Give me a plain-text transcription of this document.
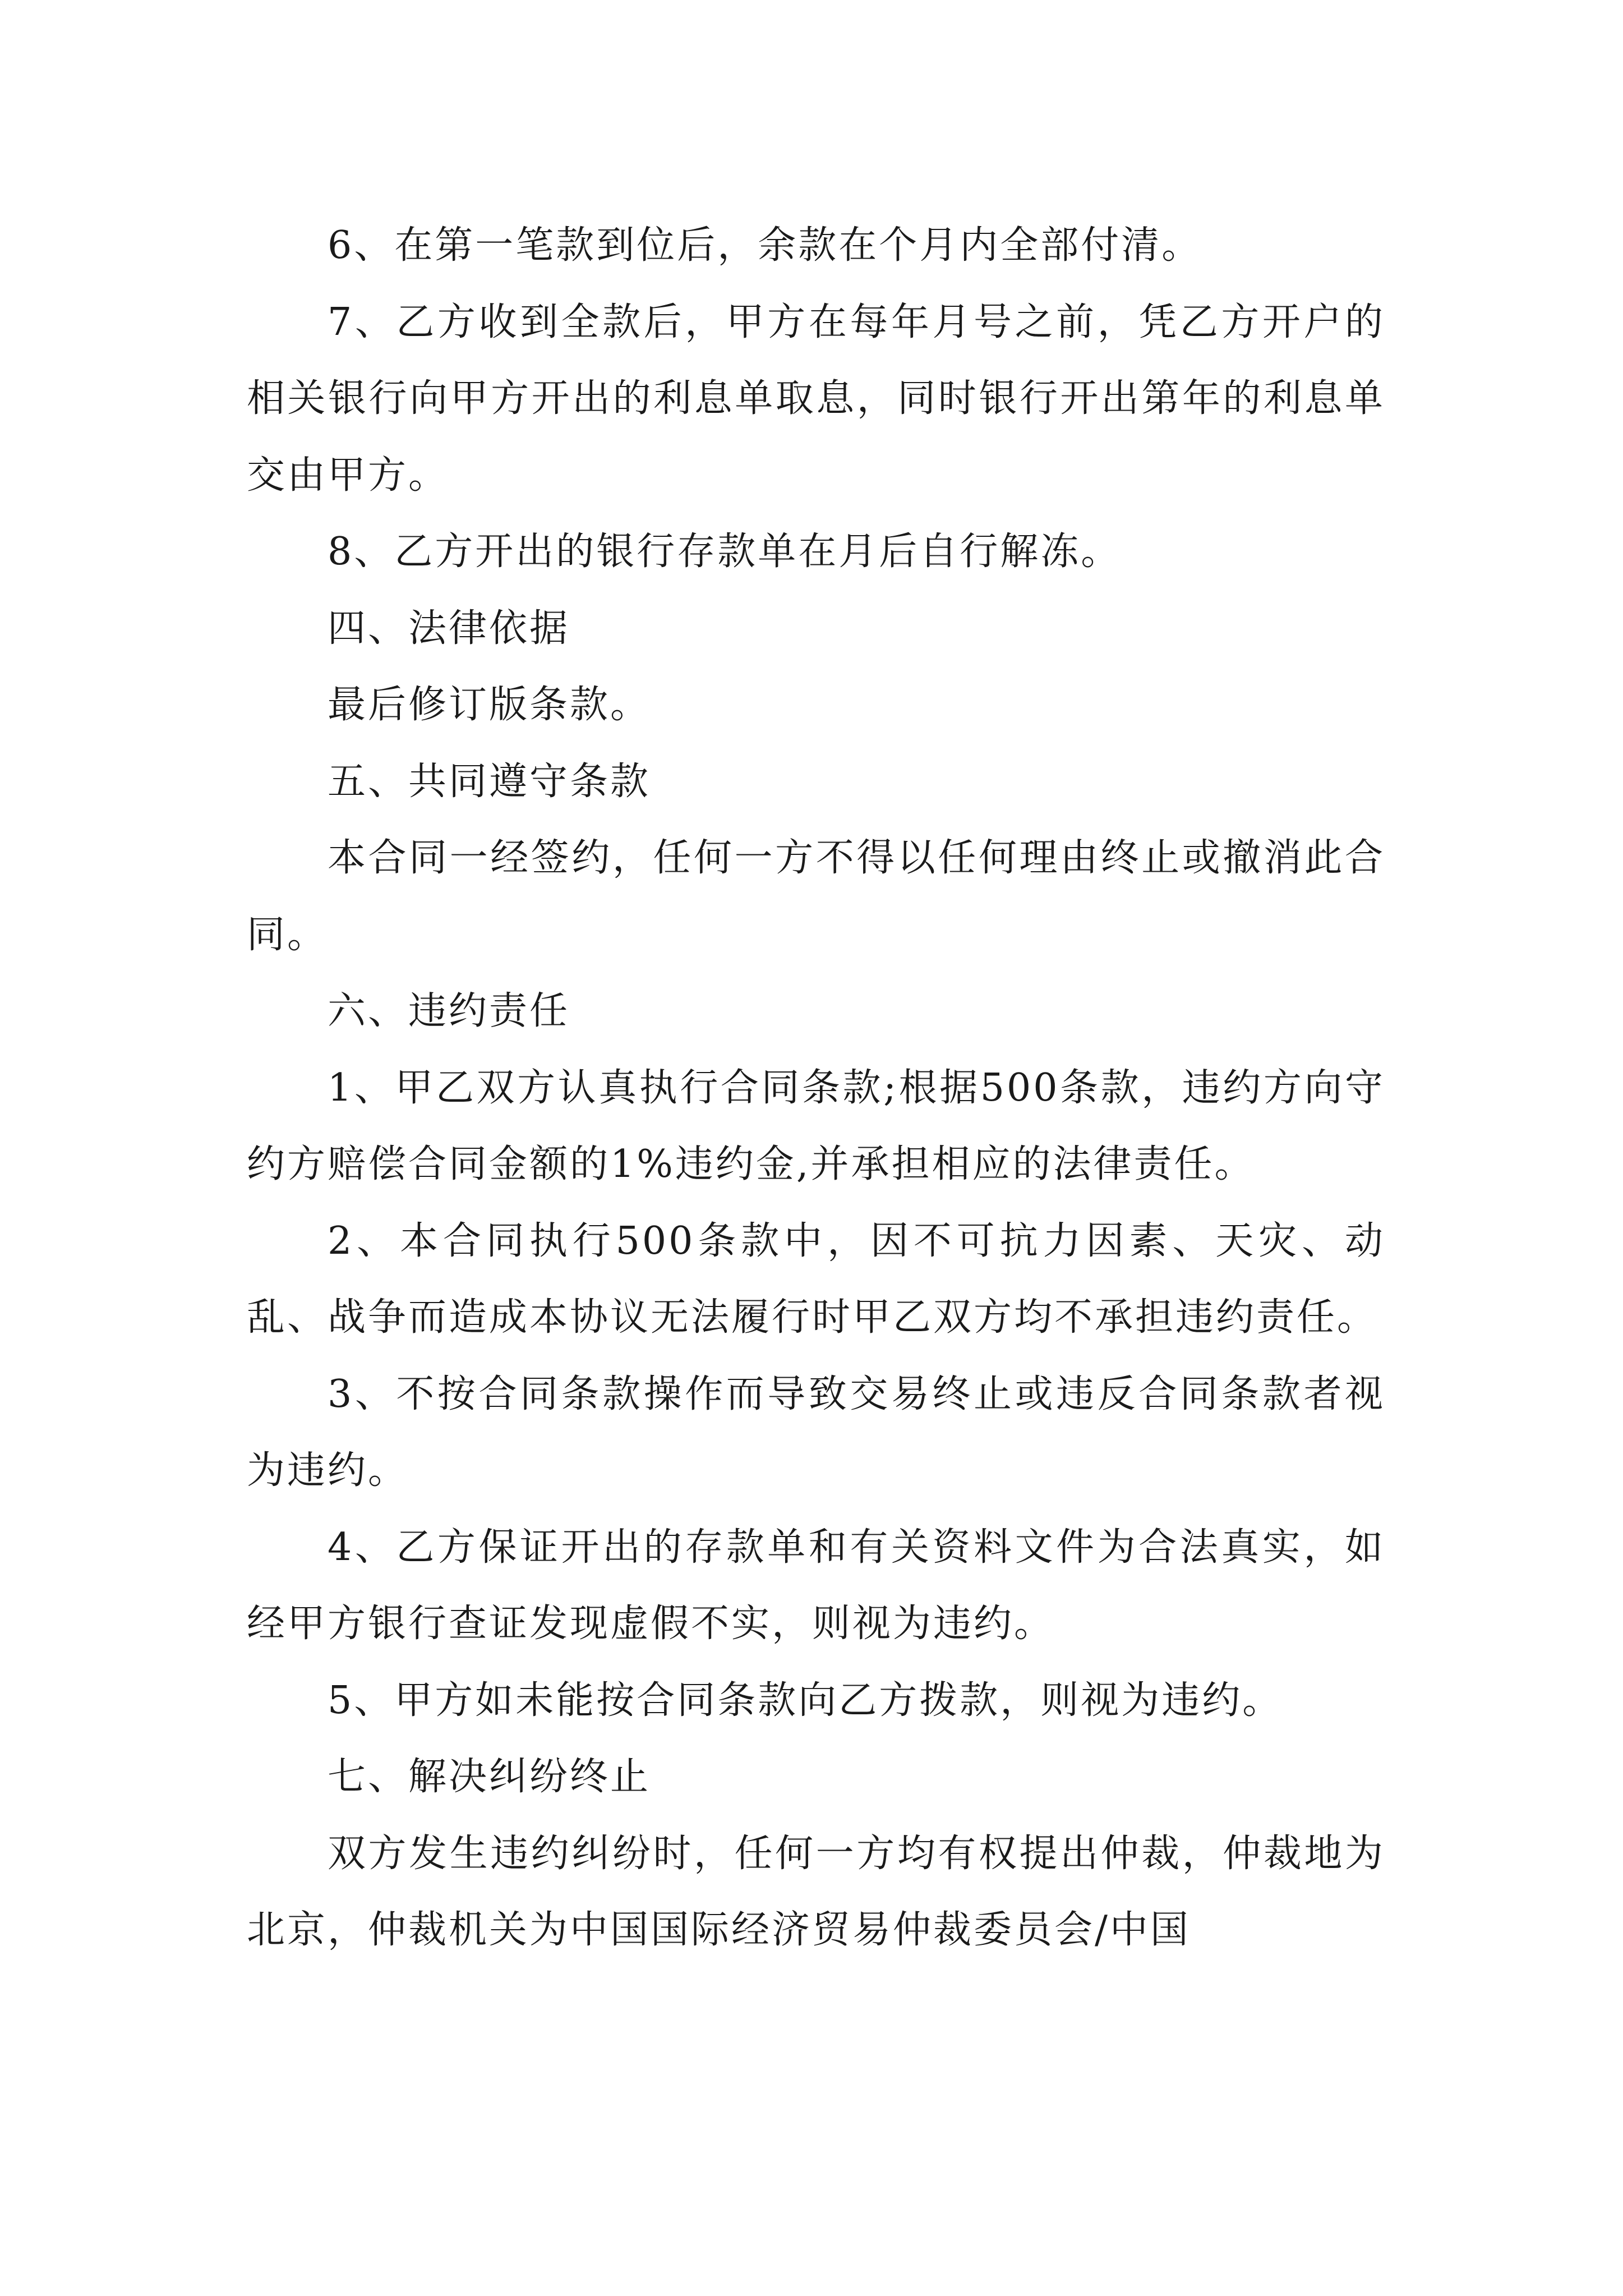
6、在第一笔款到位后，余款在个月内全部付清。

7、乙方收到全款后，甲方在每年月号之前，凭乙方开户的相关银行向甲方开出的利息单取息，同时银行开出第年的利息单交由甲方。

8、乙方开出的银行存款单在月后自行解冻。

四、法律依据

最后修订版条款。

五、共同遵守条款

本合同一经签约，任何一方不得以任何理由终止或撤消此合同。

六、违约责任

1、甲乙双方认真执行合同条款;根据500条款，违约方向守约方赔偿合同金额的1%违约金,并承担相应的法律责任。

2、本合同执行500条款中，因不可抗力因素、天灾、动乱、战争而造成本协议无法履行时甲乙双方均不承担违约责任。

3、不按合同条款操作而导致交易终止或违反合同条款者视为违约。

4、乙方保证开出的存款单和有关资料文件为合法真实，如经甲方银行查证发现虚假不实，则视为违约。

5、甲方如未能按合同条款向乙方拨款，则视为违约。

七、解决纠纷终止

双方发生违约纠纷时，任何一方均有权提出仲裁，仲裁地为北京，仲裁机关为中国国际经济贸易仲裁委员会/中国
